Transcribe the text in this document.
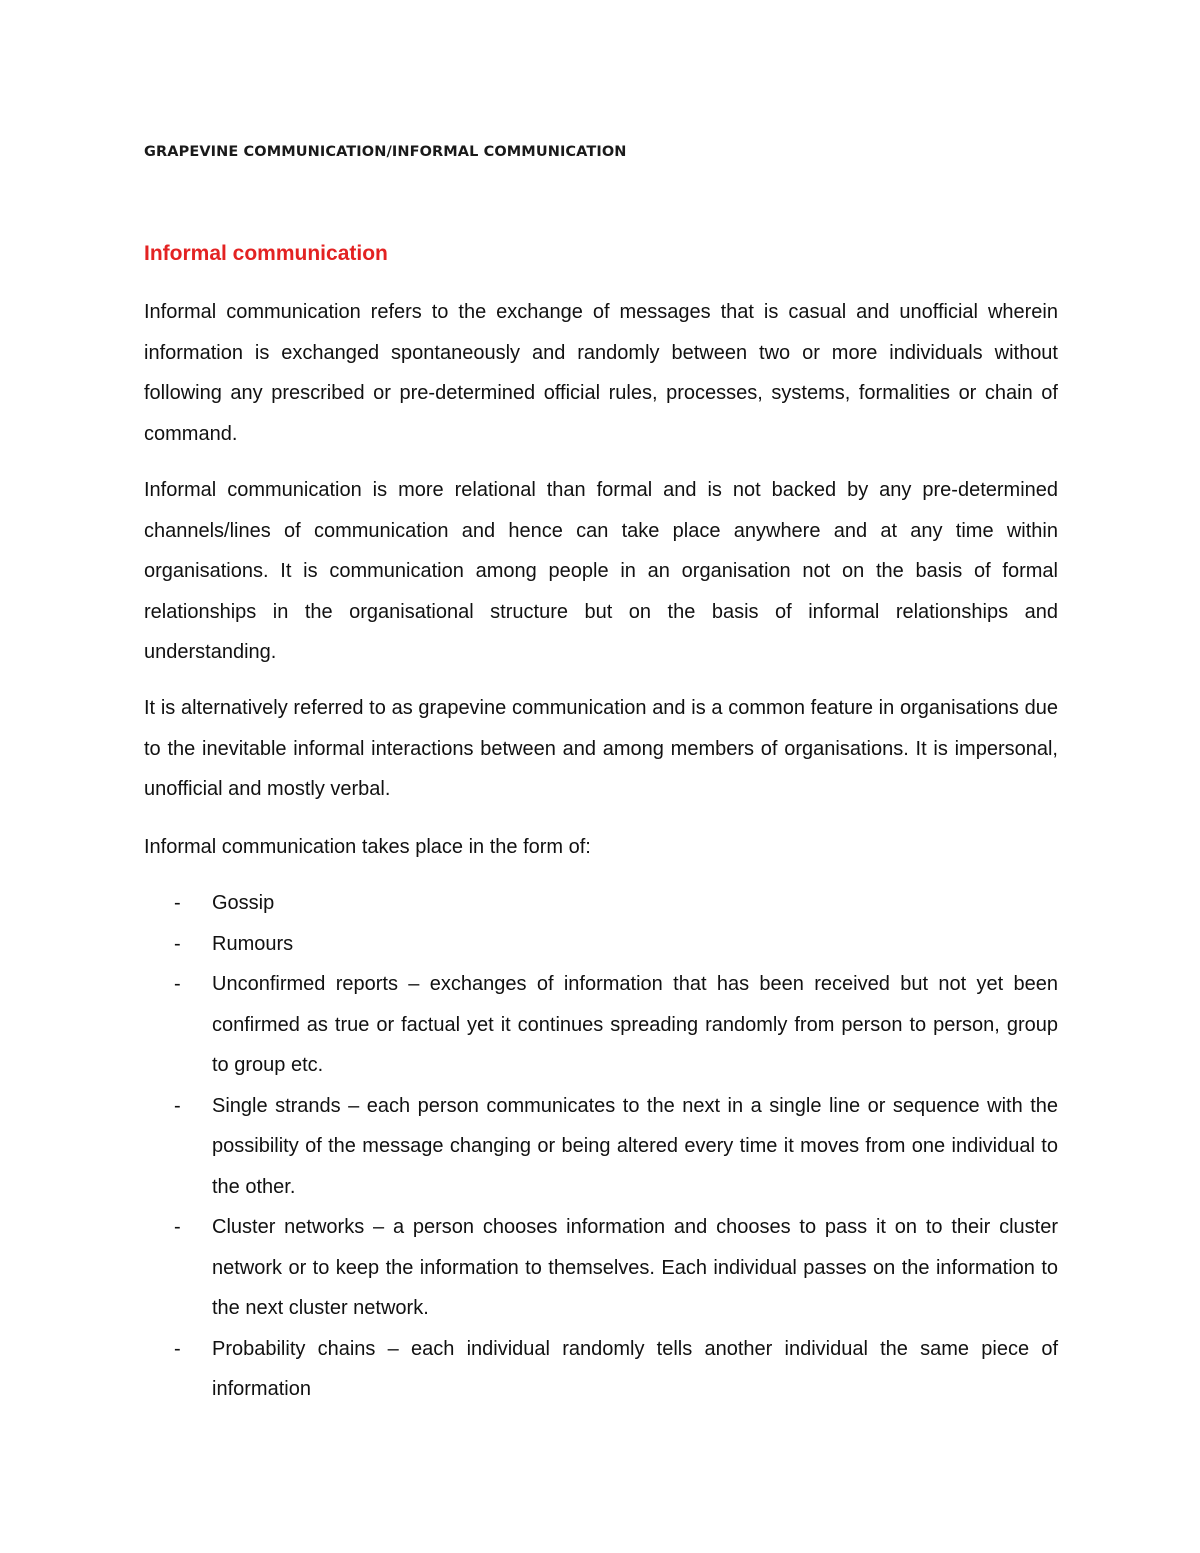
GRAPEVINE COMMUNICATION/INFORMAL COMMUNICATION
Informal communication

Informal communication refers to the exchange of messages that is casual and unofficial wherein information is exchanged spontaneously and randomly between two or more individuals without following any prescribed or pre-determined official rules, processes, systems, formalities or chain of command.

Informal communication is more relational than formal and is not backed by any pre-determined channels/lines of communication and hence can take place anywhere and at any time within organisations. It is communication among people in an organisation not on the basis of formal relationships in the organisational structure but on the basis of informal relationships and understanding.

It is alternatively referred to as grapevine communication and is a common feature in organisations due to the inevitable informal interactions between and among members of organisations. It is impersonal, unofficial and mostly verbal.

Informal communication takes place in the form of:

- Gossip
- Rumours
- Unconfirmed reports – exchanges of information that has been received but not yet been confirmed as true or factual yet it continues spreading randomly from person to person, group to group etc.
- Single strands – each person communicates to the next in a single line or sequence with the possibility of the message changing or being altered every time it moves from one individual to the other.
- Cluster networks – a person chooses information and chooses to pass it on to their cluster network or to keep the information to themselves. Each individual passes on the information to the next cluster network.
- Probability chains – each individual randomly tells another individual the same piece of information
